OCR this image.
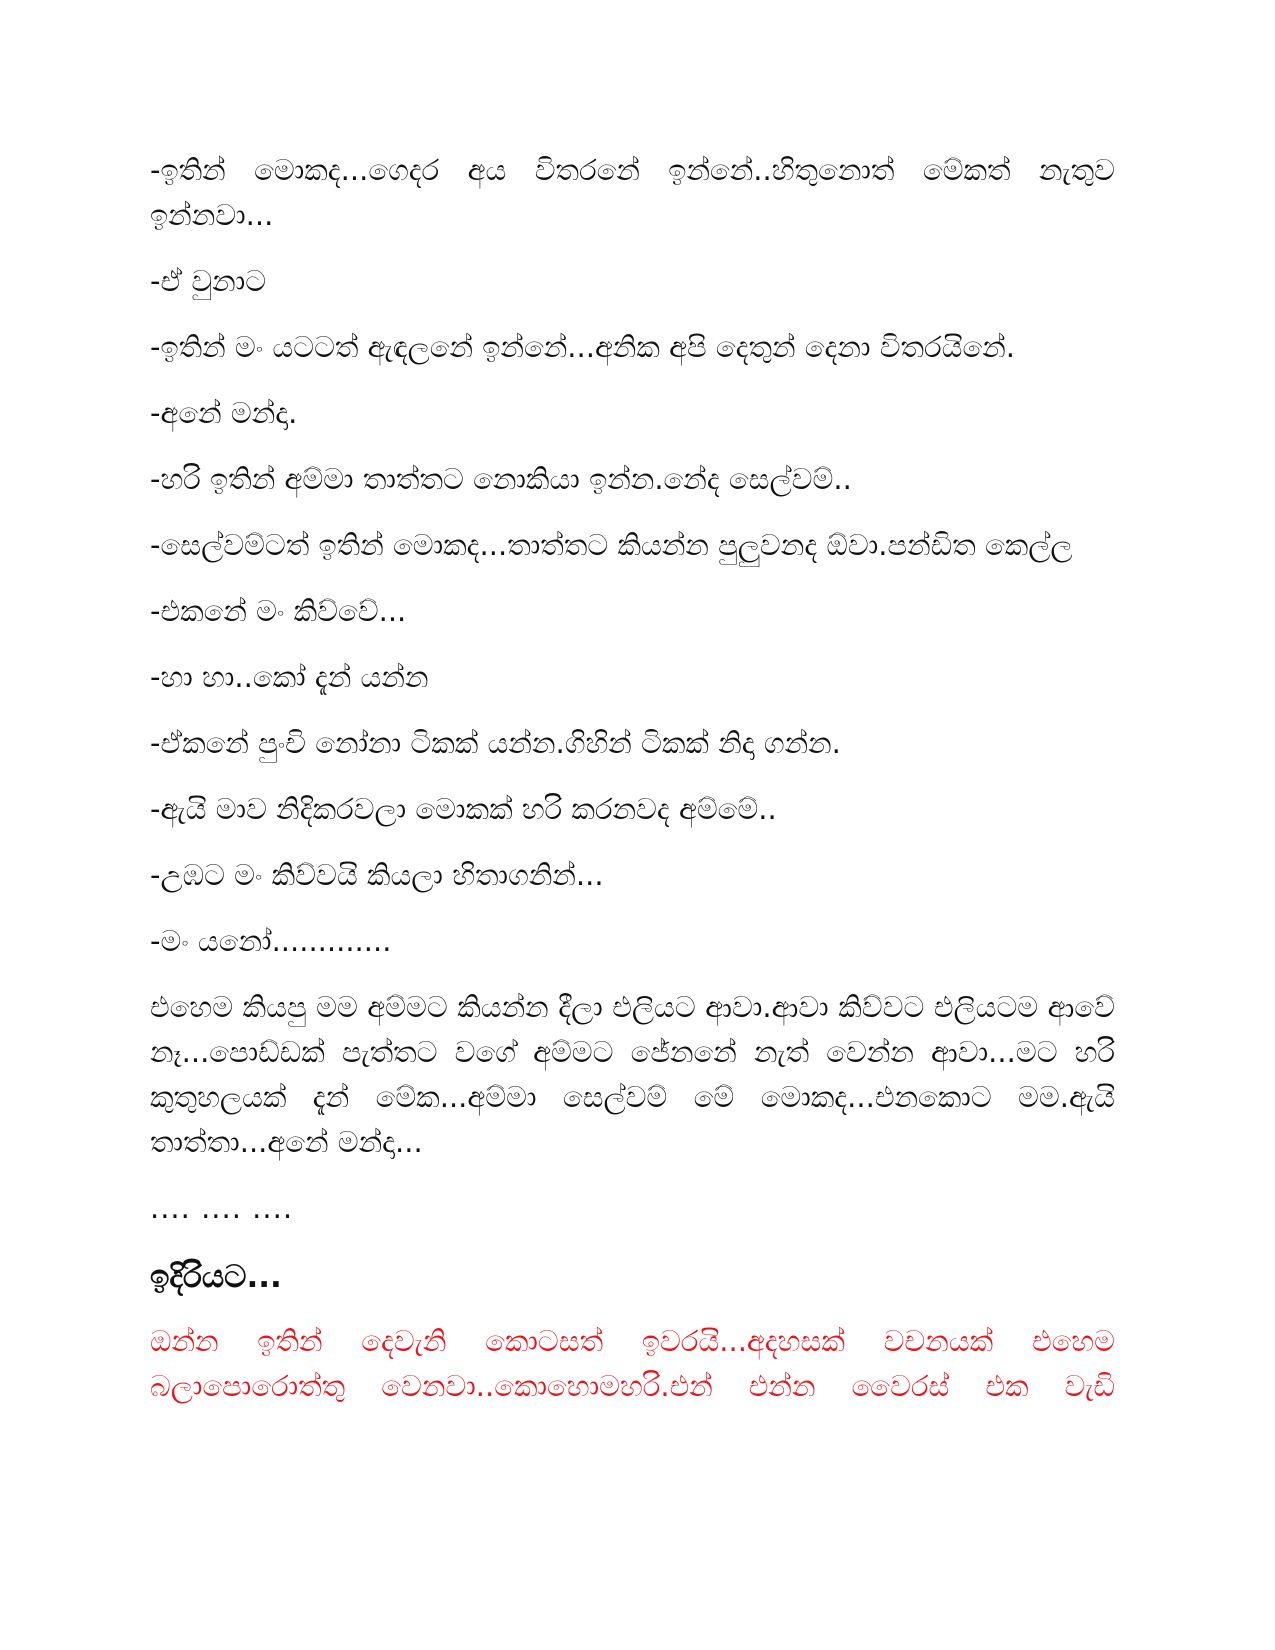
-ඉතින් මොකද...ගෙදර අය විතරනේ ඉන්නේ..හිතුනොත් මේකත් නැතුව ඉන්නවා...

-ඒ වුනාට

-ඉතින් මං යටටත් ඇඳලනේ ඉන්නේ...අනික අපි දෙතුන් දෙනා විතරයිනේ.

-අනේ මන්දා.

-හරි ඉතින් අම්මා තාත්තට නොකියා ඉන්න.නේද සෙල්වම්..

-සෙල්වම්ටත් ඉතින් මොකද...තාත්තට කියන්න පුලුවනද ඕවා.පන්ඩිත කෙල්ල

-එකනේ මං කිව්වේ...

-හා හා..කෝ දැන් යන්න

-ඒකනේ පුංචි නෝනා ටිකක් යන්න.ගිහින් ටිකක් නිදා ගන්න.

-ඇයි මාව නිදිකරවලා මොකක් හරි කරනවද අම්මේ..

-උඹට මං කිව්වයි කියලා හිතාගනින්...

-මං යනෝ.............

එහෙම කියපු මම අම්මට කියන්න දීලා එලියට ආවා.ආවා කිව්වට එලියටම ආවේ නෑ...පොඩ්ඩක් පැත්තට වගේ අම්මට ජේනනේ නැත් වෙන්න ආවා...මට හරි කුතුහලයක් දැන් මේක...අම්මා සෙල්වම් මේ මොකද...එනකොට මම.ඇයි තාත්තා...අනේ මන්දා...

.... .... ....

ඉදිරියට...

ඔන්න ඉතින් දෙවැනි කොටසත් ඉවරයි...අදහසක් වචනයක් එහෙම

බලාපොරොත්තු වෙනවා..කොහොමහරි.එන් එන්න වෛරස් එක වැඩි
